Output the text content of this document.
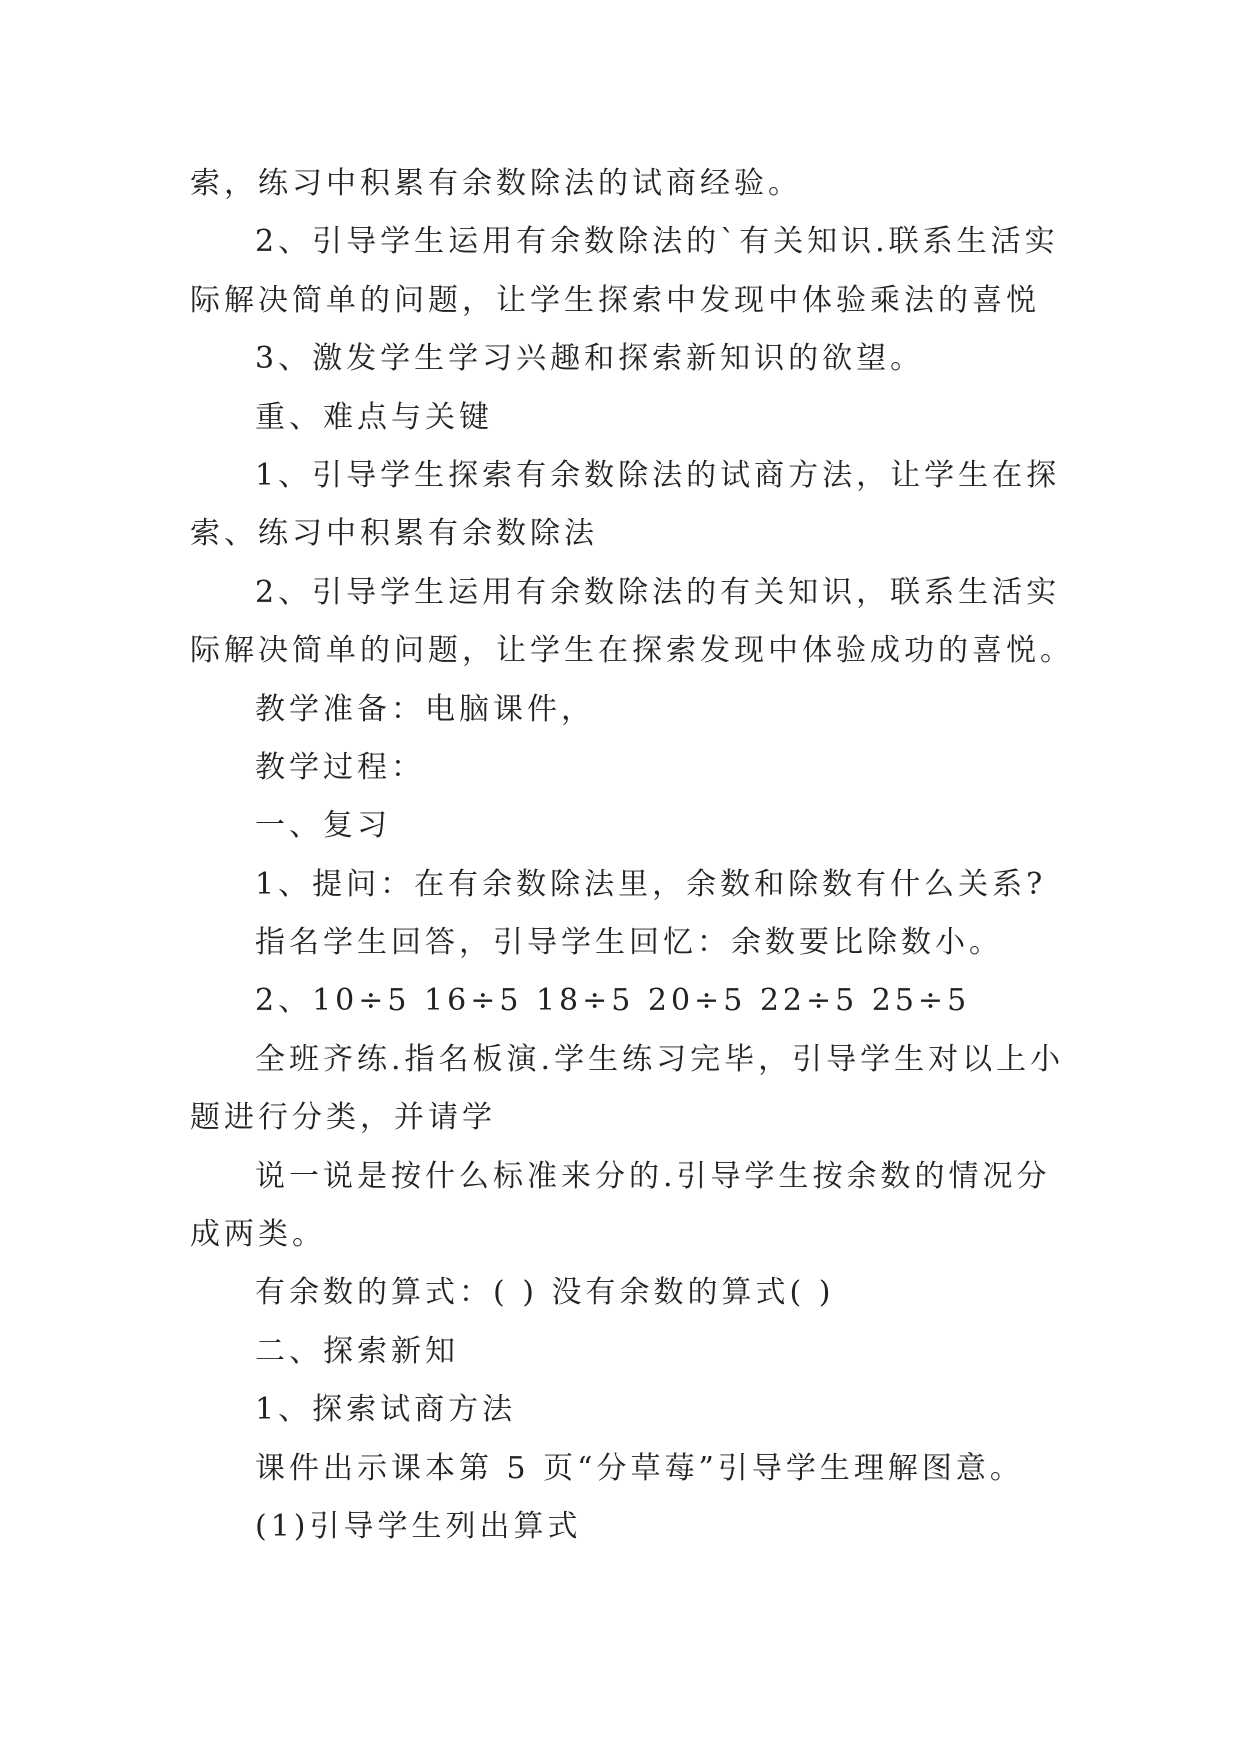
索，练习中积累有余数除法的试商经验。
2、引导学生运用有余数除法的`有关知识.联系生活实
际解决简单的问题，让学生探索中发现中体验乘法的喜悦
3、激发学生学习兴趣和探索新知识的欲望。
重、难点与关键
1、引导学生探索有余数除法的试商方法，让学生在探
索、练习中积累有余数除法
2、引导学生运用有余数除法的有关知识，联系生活实
际解决简单的问题，让学生在探索发现中体验成功的喜悦。
教学准备：电脑课件，
教学过程：
一、复习
1、提问：在有余数除法里，余数和除数有什么关系?
指名学生回答，引导学生回忆：余数要比除数小。
2、10÷5 16÷5 18÷5 20÷5 22÷5 25÷5
全班齐练.指名板演.学生练习完毕，引导学生对以上小
题进行分类，并请学
说一说是按什么标准来分的.引导学生按余数的情况分
成两类。
有余数的算式：( ) 没有余数的算式( )
二、探索新知
1、探索试商方法
课件出示课本第 5 页“分草莓”引导学生理解图意。
(1)引导学生列出算式
